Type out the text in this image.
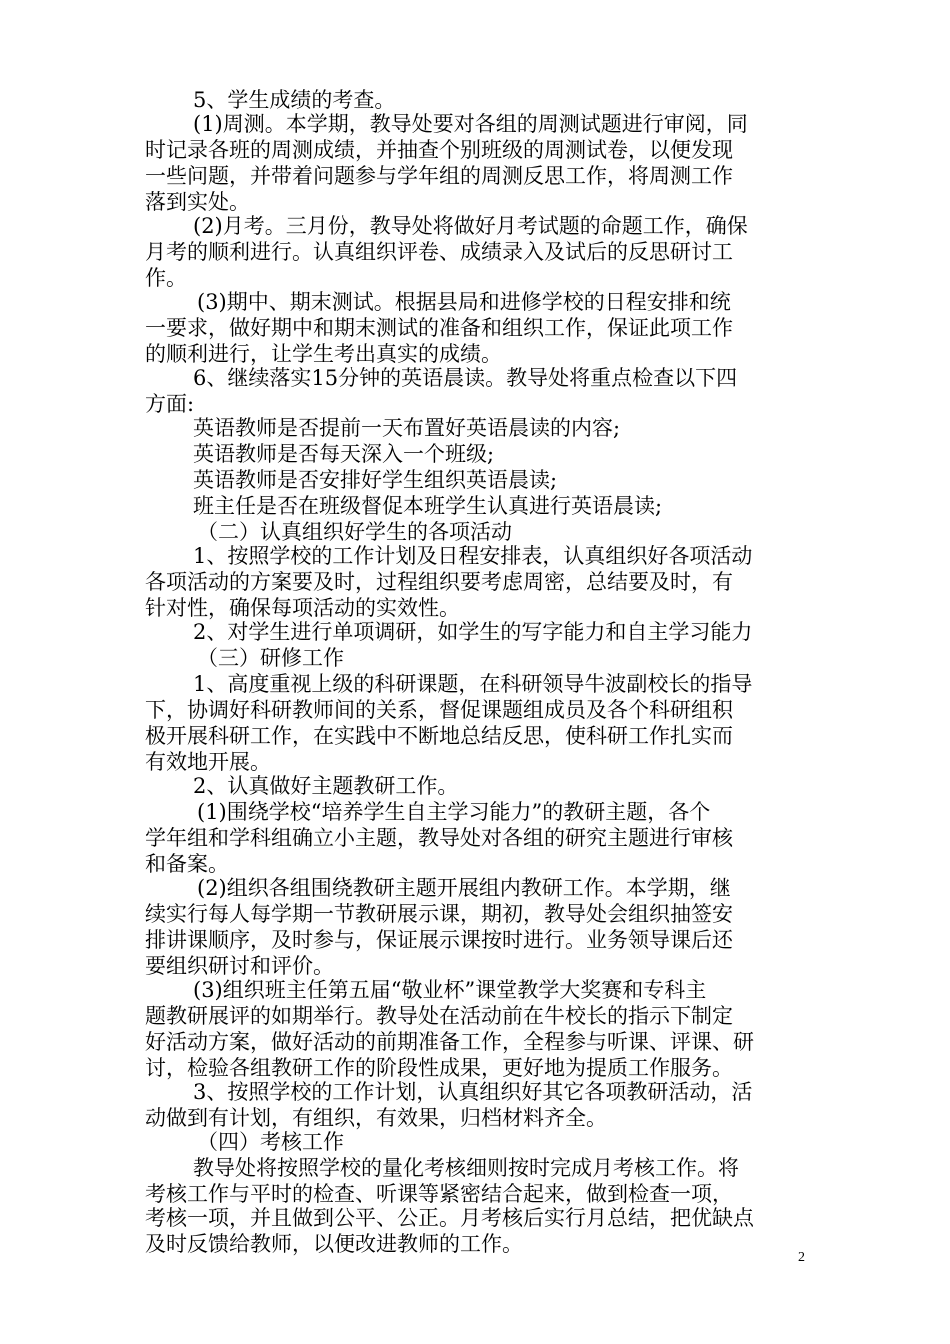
5、学生成绩的考查。

(1)周测。本学期，教导处要对各组的周测试题进行审阅，同

时记录各班的周测成绩，并抽查个别班级的周测试卷，以便发现

一些问题，并带着问题参与学年组的周测反思工作，将周测工作

落到实处。

(2)月考。三月份，教导处将做好月考试题的命题工作，确保

月考的顺利进行。认真组织评卷、成绩录入及试后的反思研讨工

作。

(3)期中、期末测试。根据县局和进修学校的日程安排和统

一要求，做好期中和期末测试的准备和组织工作，保证此项工作

的顺利进行，让学生考出真实的成绩。

6、继续落实15分钟的英语晨读。教导处将重点检查以下四

方面:

英语教师是否提前一天布置好英语晨读的内容;

英语教师是否每天深入一个班级;

英语教师是否安排好学生组织英语晨读;

班主任是否在班级督促本班学生认真进行英语晨读;

（二）认真组织好学生的各项活动

1、按照学校的工作计划及日程安排表，认真组织好各项活动

各项活动的方案要及时，过程组织要考虑周密，总结要及时，有

针对性，确保每项活动的实效性。

2、对学生进行单项调研，如学生的写字能力和自主学习能力

（三）研修工作

1、高度重视上级的科研课题，在科研领导牛波副校长的指导

下，协调好科研教师间的关系，督促课题组成员及各个科研组积

极开展科研工作，在实践中不断地总结反思，使科研工作扎实而

有效地开展。

2、认真做好主题教研工作。

(1)围绕学校“培养学生自主学习能力”的教研主题，各个

学年组和学科组确立小主题，教导处对各组的研究主题进行审核

和备案。

(2)组织各组围绕教研主题开展组内教研工作。本学期，继

续实行每人每学期一节教研展示课，期初，教导处会组织抽签安

排讲课顺序，及时参与，保证展示课按时进行。业务领导课后还

要组织研讨和评价。

(3)组织班主任第五届“敬业杯”课堂教学大奖赛和专科主

题教研展评的如期举行。教导处在活动前在牛校长的指示下制定

好活动方案，做好活动的前期准备工作，全程参与听课、评课、研

讨，检验各组教研工作的阶段性成果，更好地为提质工作服务。

3、按照学校的工作计划，认真组织好其它各项教研活动，活

动做到有计划，有组织，有效果，归档材料齐全。

（四）考核工作

教导处将按照学校的量化考核细则按时完成月考核工作。将

考核工作与平时的检查、听课等紧密结合起来，做到检查一项，

考核一项，并且做到公平、公正。月考核后实行月总结，把优缺点

及时反馈给教师，以便改进教师的工作。

2
